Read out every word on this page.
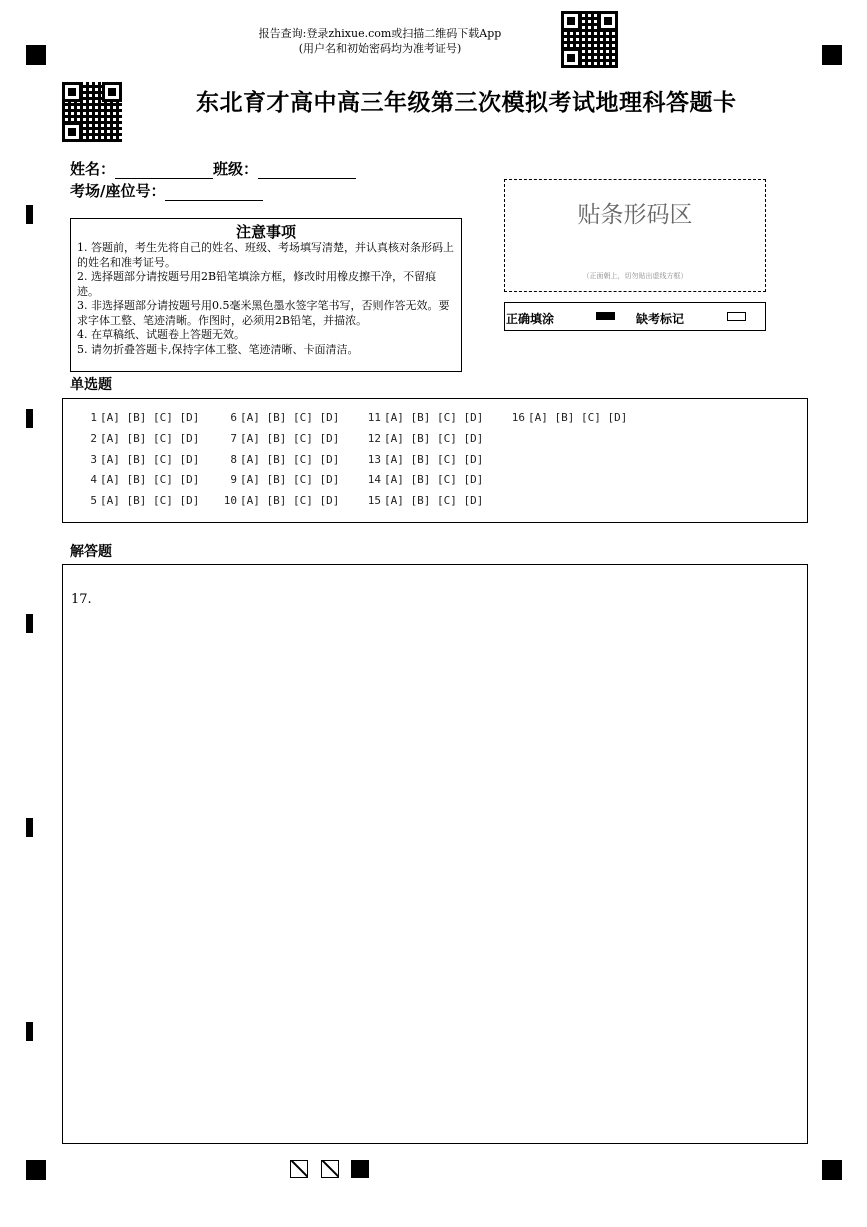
报告查询:登录zhixue.com或扫描二维码下载App
(用户名和初始密码均为准考证号)
东北育才高中高三年级第三次模拟考试地理科答题卡
姓名：	班级：
考场/座位号：
注意事项

1. 答题前，考生先将自己的姓名、班级、考场填写清楚，并认真核对条形码上的姓名和准考证号。

2. 选择题部分请按题号用2B铅笔填涂方框，修改时用橡皮擦干净，不留痕迹。

3. 非选择题部分请按题号用0.5毫米黑色墨水签字笔书写，否则作答无效。要求字体工整、笔迹清晰。作图时，必须用2B铅笔，并描浓。

4. 在草稿纸、试题卷上答题无效。

5. 请勿折叠答题卡,保持字体工整、笔迹清晰、卡面清洁。

贴条形码区
（正面朝上，切勿贴出虚线方框）
正确填涂	缺考标记
单选题
1 [A] [B] [C] [D]
2 [A] [B] [C] [D]
3 [A] [B] [C] [D]
4 [A] [B] [C] [D]
5 [A] [B] [C] [D]
6 [A] [B] [C] [D]
7 [A] [B] [C] [D]
8 [A] [B] [C] [D]
9 [A] [B] [C] [D]
10 [A] [B] [C] [D]
11 [A] [B] [C] [D]
12 [A] [B] [C] [D]
13 [A] [B] [C] [D]
14 [A] [B] [C] [D]
15 [A] [B] [C] [D]
16 [A] [B] [C] [D]
解答题
17.
